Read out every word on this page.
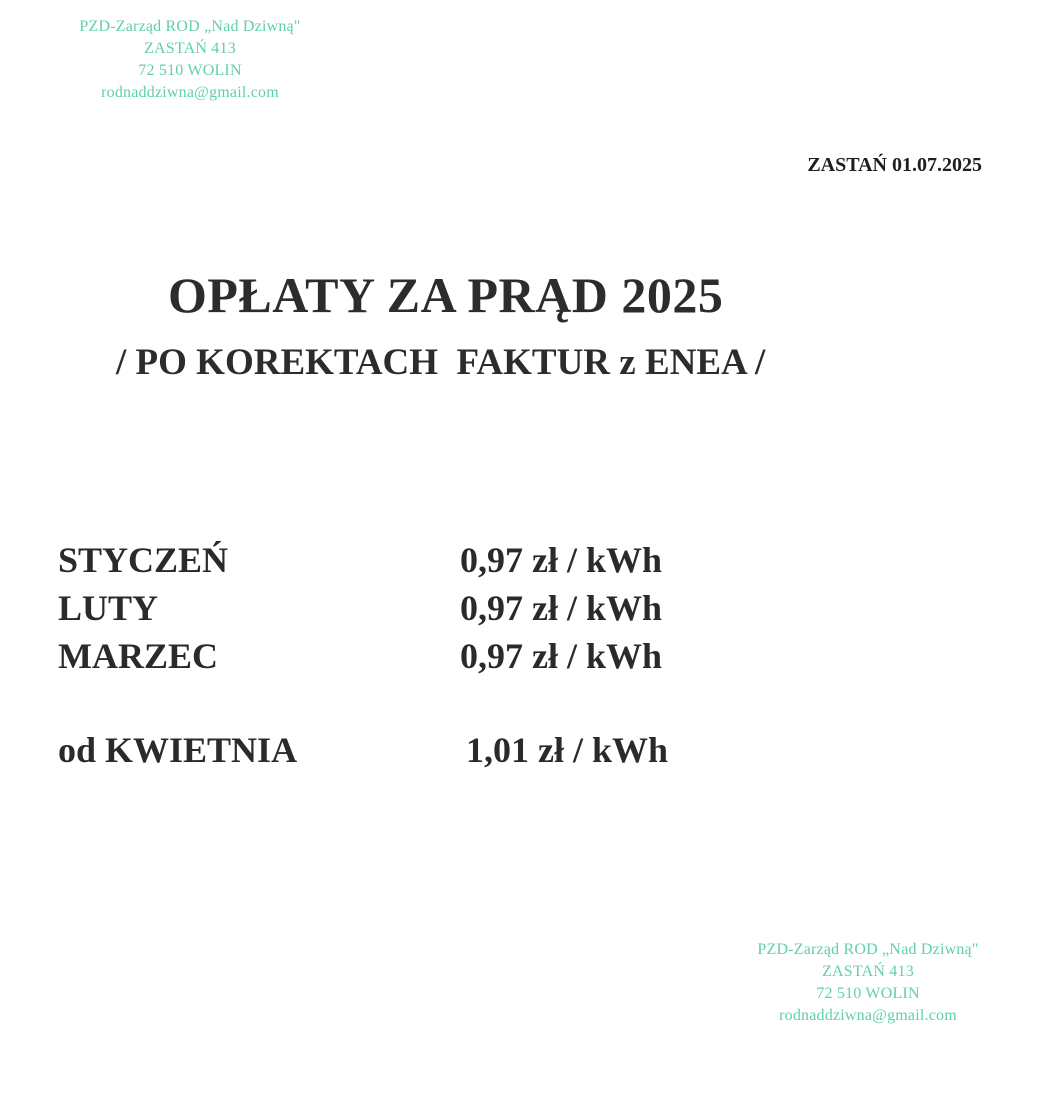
PZD-Zarząd ROD „Nad Dziwną"
ZASTAŃ 413
72 510 WOLIN
rodnaddziwna@gmail.com
ZASTAŃ 01.07.2025
OPŁATY ZA PRĄD 2025
/ PO KOREKTACH  FAKTUR z ENEA /
STYCZEŃ	0,97 zł / kWh
LUTY	0,97 zł / kWh
MARZEC	0,97 zł / kWh
od KWIETNIA	1,01 zł / kWh
PZD-Zarząd ROD „Nad Dziwną"
ZASTAŃ 413
72 510 WOLIN
rodnaddziwna@gmail.com
